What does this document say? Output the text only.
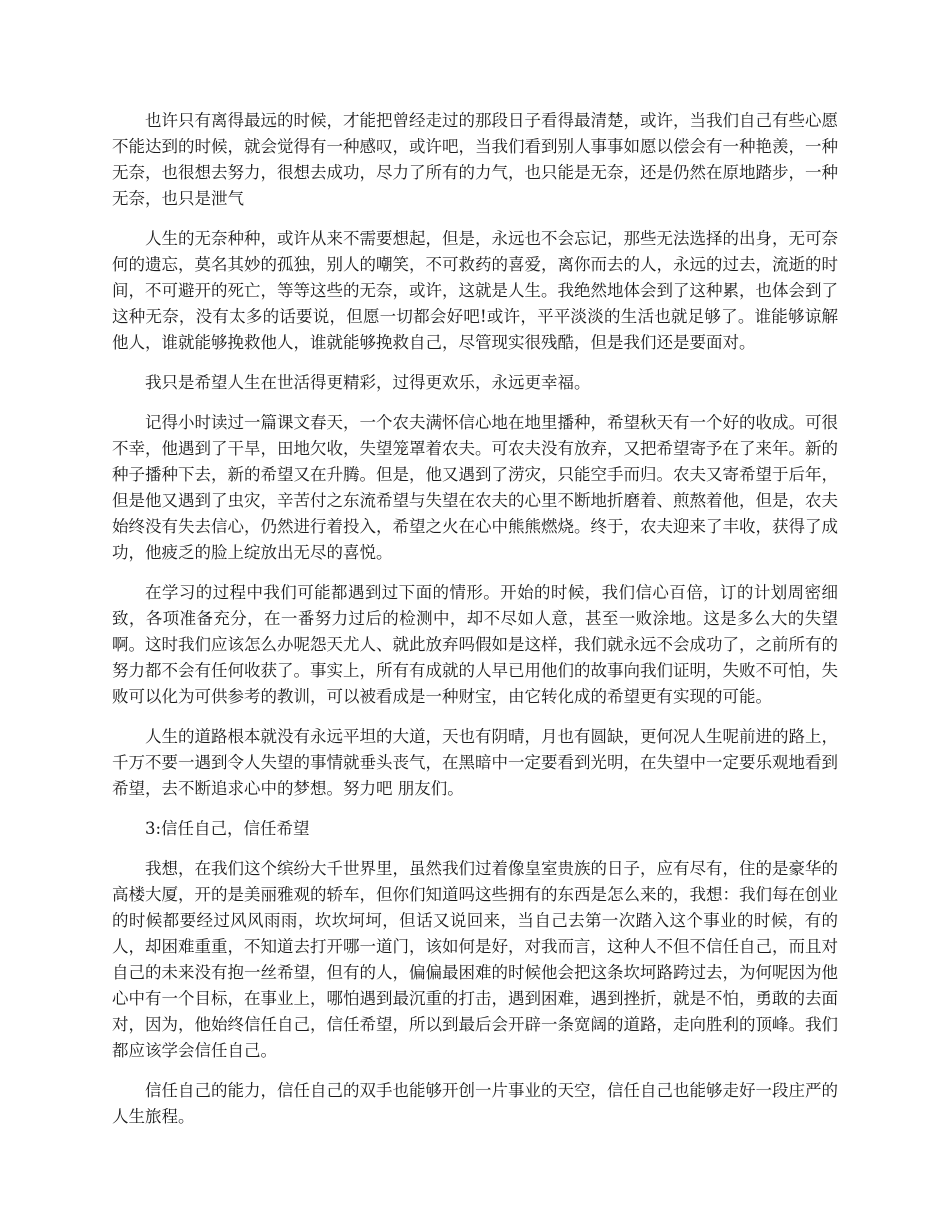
也许只有离得最远的时候，才能把曾经走过的那段日子看得最清楚，或许，当我们自己有些心愿不能达到的时候，就会觉得有一种感叹，或许吧，当我们看到别人事事如愿以偿会有一种艳羡，一种无奈，也很想去努力，很想去成功，尽力了所有的力气，也只能是无奈，还是仍然在原地踏步，一种无奈，也只是泄气

人生的无奈种种，或许从来不需要想起，但是，永远也不会忘记，那些无法选择的出身，无可奈何的遗忘，莫名其妙的孤独，别人的嘲笑，不可救药的喜爱，离你而去的人，永远的过去，流逝的时间，不可避开的死亡，等等这些的无奈，或许，这就是人生。我绝然地体会到了这种累，也体会到了这种无奈，没有太多的话要说，但愿一切都会好吧!或许，平平淡淡的生活也就足够了。谁能够谅解他人，谁就能够挽救他人，谁就能够挽救自己，尽管现实很残酷，但是我们还是要面对。

我只是希望人生在世活得更精彩，过得更欢乐，永远更幸福。

记得小时读过一篇课文春天，一个农夫满怀信心地在地里播种，希望秋天有一个好的收成。可很不幸，他遇到了干旱，田地欠收，失望笼罩着农夫。可农夫没有放弃，又把希望寄予在了来年。新的种子播种下去，新的希望又在升腾。但是，他又遇到了涝灾，只能空手而归。农夫又寄希望于后年，但是他又遇到了虫灾，辛苦付之东流希望与失望在农夫的心里不断地折磨着、煎熬着他，但是，农夫始终没有失去信心，仍然进行着投入，希望之火在心中熊熊燃烧。终于，农夫迎来了丰收，获得了成功，他疲乏的脸上绽放出无尽的喜悦。

在学习的过程中我们可能都遇到过下面的情形。开始的时候，我们信心百倍，订的计划周密细致，各项准备充分，在一番努力过后的检测中，却不尽如人意，甚至一败涂地。这是多么大的失望啊。这时我们应该怎么办呢怨天尤人、就此放弃吗假如是这样，我们就永远不会成功了，之前所有的努力都不会有任何收获了。事实上，所有有成就的人早已用他们的故事向我们证明，失败不可怕，失败可以化为可供参考的教训，可以被看成是一种财宝，由它转化成的希望更有实现的可能。

人生的道路根本就没有永远平坦的大道，天也有阴晴，月也有圆缺，更何况人生呢前进的路上，千万不要一遇到令人失望的事情就垂头丧气，在黑暗中一定要看到光明，在失望中一定要乐观地看到希望，去不断追求心中的梦想。努力吧 朋友们。

3:信任自己，信任希望

我想，在我们这个缤纷大千世界里，虽然我们过着像皇室贵族的日子，应有尽有，住的是豪华的高楼大厦，开的是美丽雅观的轿车，但你们知道吗这些拥有的东西是怎么来的，我想：我们每在创业的时候都要经过风风雨雨，坎坎坷坷，但话又说回来，当自己去第一次踏入这个事业的时候，有的人，却困难重重，不知道去打开哪一道门，该如何是好，对我而言，这种人不但不信任自己，而且对自己的未来没有抱一丝希望，但有的人，偏偏最困难的时候他会把这条坎坷路跨过去，为何呢因为他心中有一个目标，在事业上，哪怕遇到最沉重的打击，遇到困难，遇到挫折，就是不怕，勇敢的去面对，因为，他始终信任自己，信任希望，所以到最后会开辟一条宽阔的道路，走向胜利的顶峰。我们都应该学会信任自己。

信任自己的能力，信任自己的双手也能够开创一片事业的天空，信任自己也能够走好一段庄严的人生旅程。
